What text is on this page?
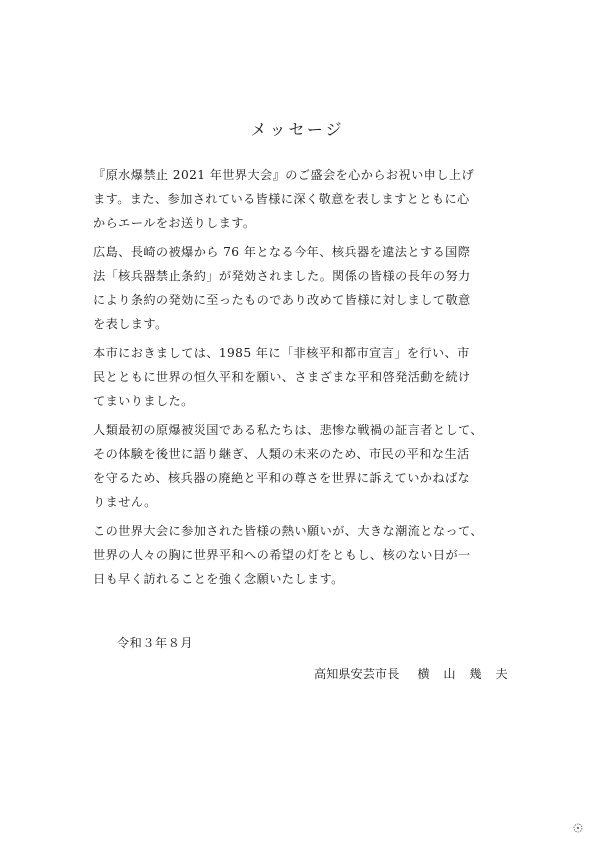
メッセージ
『原水爆禁止 2021 年世界大会』のご盛会を心からお祝い申し上げ
ます。また、参加されている皆様に深く敬意を表しますとともに心
からエールをお送りします。
広島、長崎の被爆から 76 年となる今年、核兵器を違法とする国際
法「核兵器禁止条約」が発効されました。関係の皆様の長年の努力
により条約の発効に至ったものであり改めて皆様に対しまして敬意
を表します。
本市におきましては、1985 年に「非核平和都市宣言」を行い、市
民とともに世界の恒久平和を願い、さまざまな平和啓発活動を続け
てまいりました。
人類最初の原爆被災国である私たちは、悲惨な戦禍の証言者として、
その体験を後世に語り継ぎ、人類の未来のため、市民の平和な生活
を守るため、核兵器の廃絶と平和の尊さを世界に訴えていかねばな
りません。
この世界大会に参加された皆様の熱い願いが、大きな潮流となって、
世界の人々の胸に世界平和への希望の灯をともし、核のない日が一
日も早く訪れることを強く念願いたします。
令和３年８月
高知県安芸市長 横 山 幾 夫
